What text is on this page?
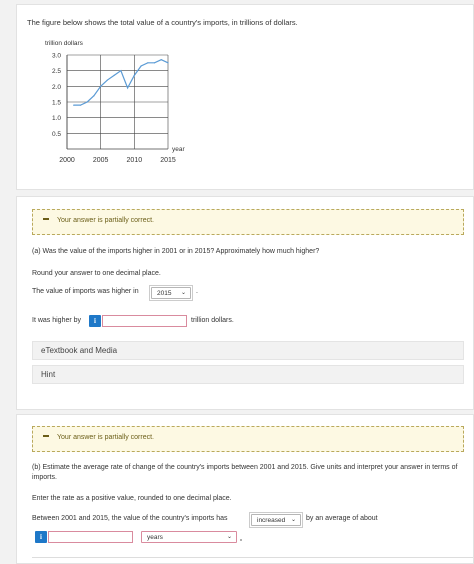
The figure below shows the total value of a country's imports, in trillions of dollars.
trillion dollars
0.5
1.0
1.5
2.0
2.5
3.0
2000	2005	2010	2015
year
Your answer is partially correct.
(a) Was the value of the imports higher in 2001 or in 2015? Approximately how much higher?
Round your answer to one decimal place.
The value of imports was higher in	2015 ⌄ .
It was higher by	i	trillion dollars.
eTextbook and Media
Hint
Your answer is partially correct.
(b) Estimate the average rate of change of the country's imports between 2001 and 2015. Give units and interpret your answer in terms of imports.
Enter the rate as a positive value, rounded to one decimal place.
Between 2001 and 2015, the value of the country's imports has	increased ⌄ by an average of about
i	years	⌄
